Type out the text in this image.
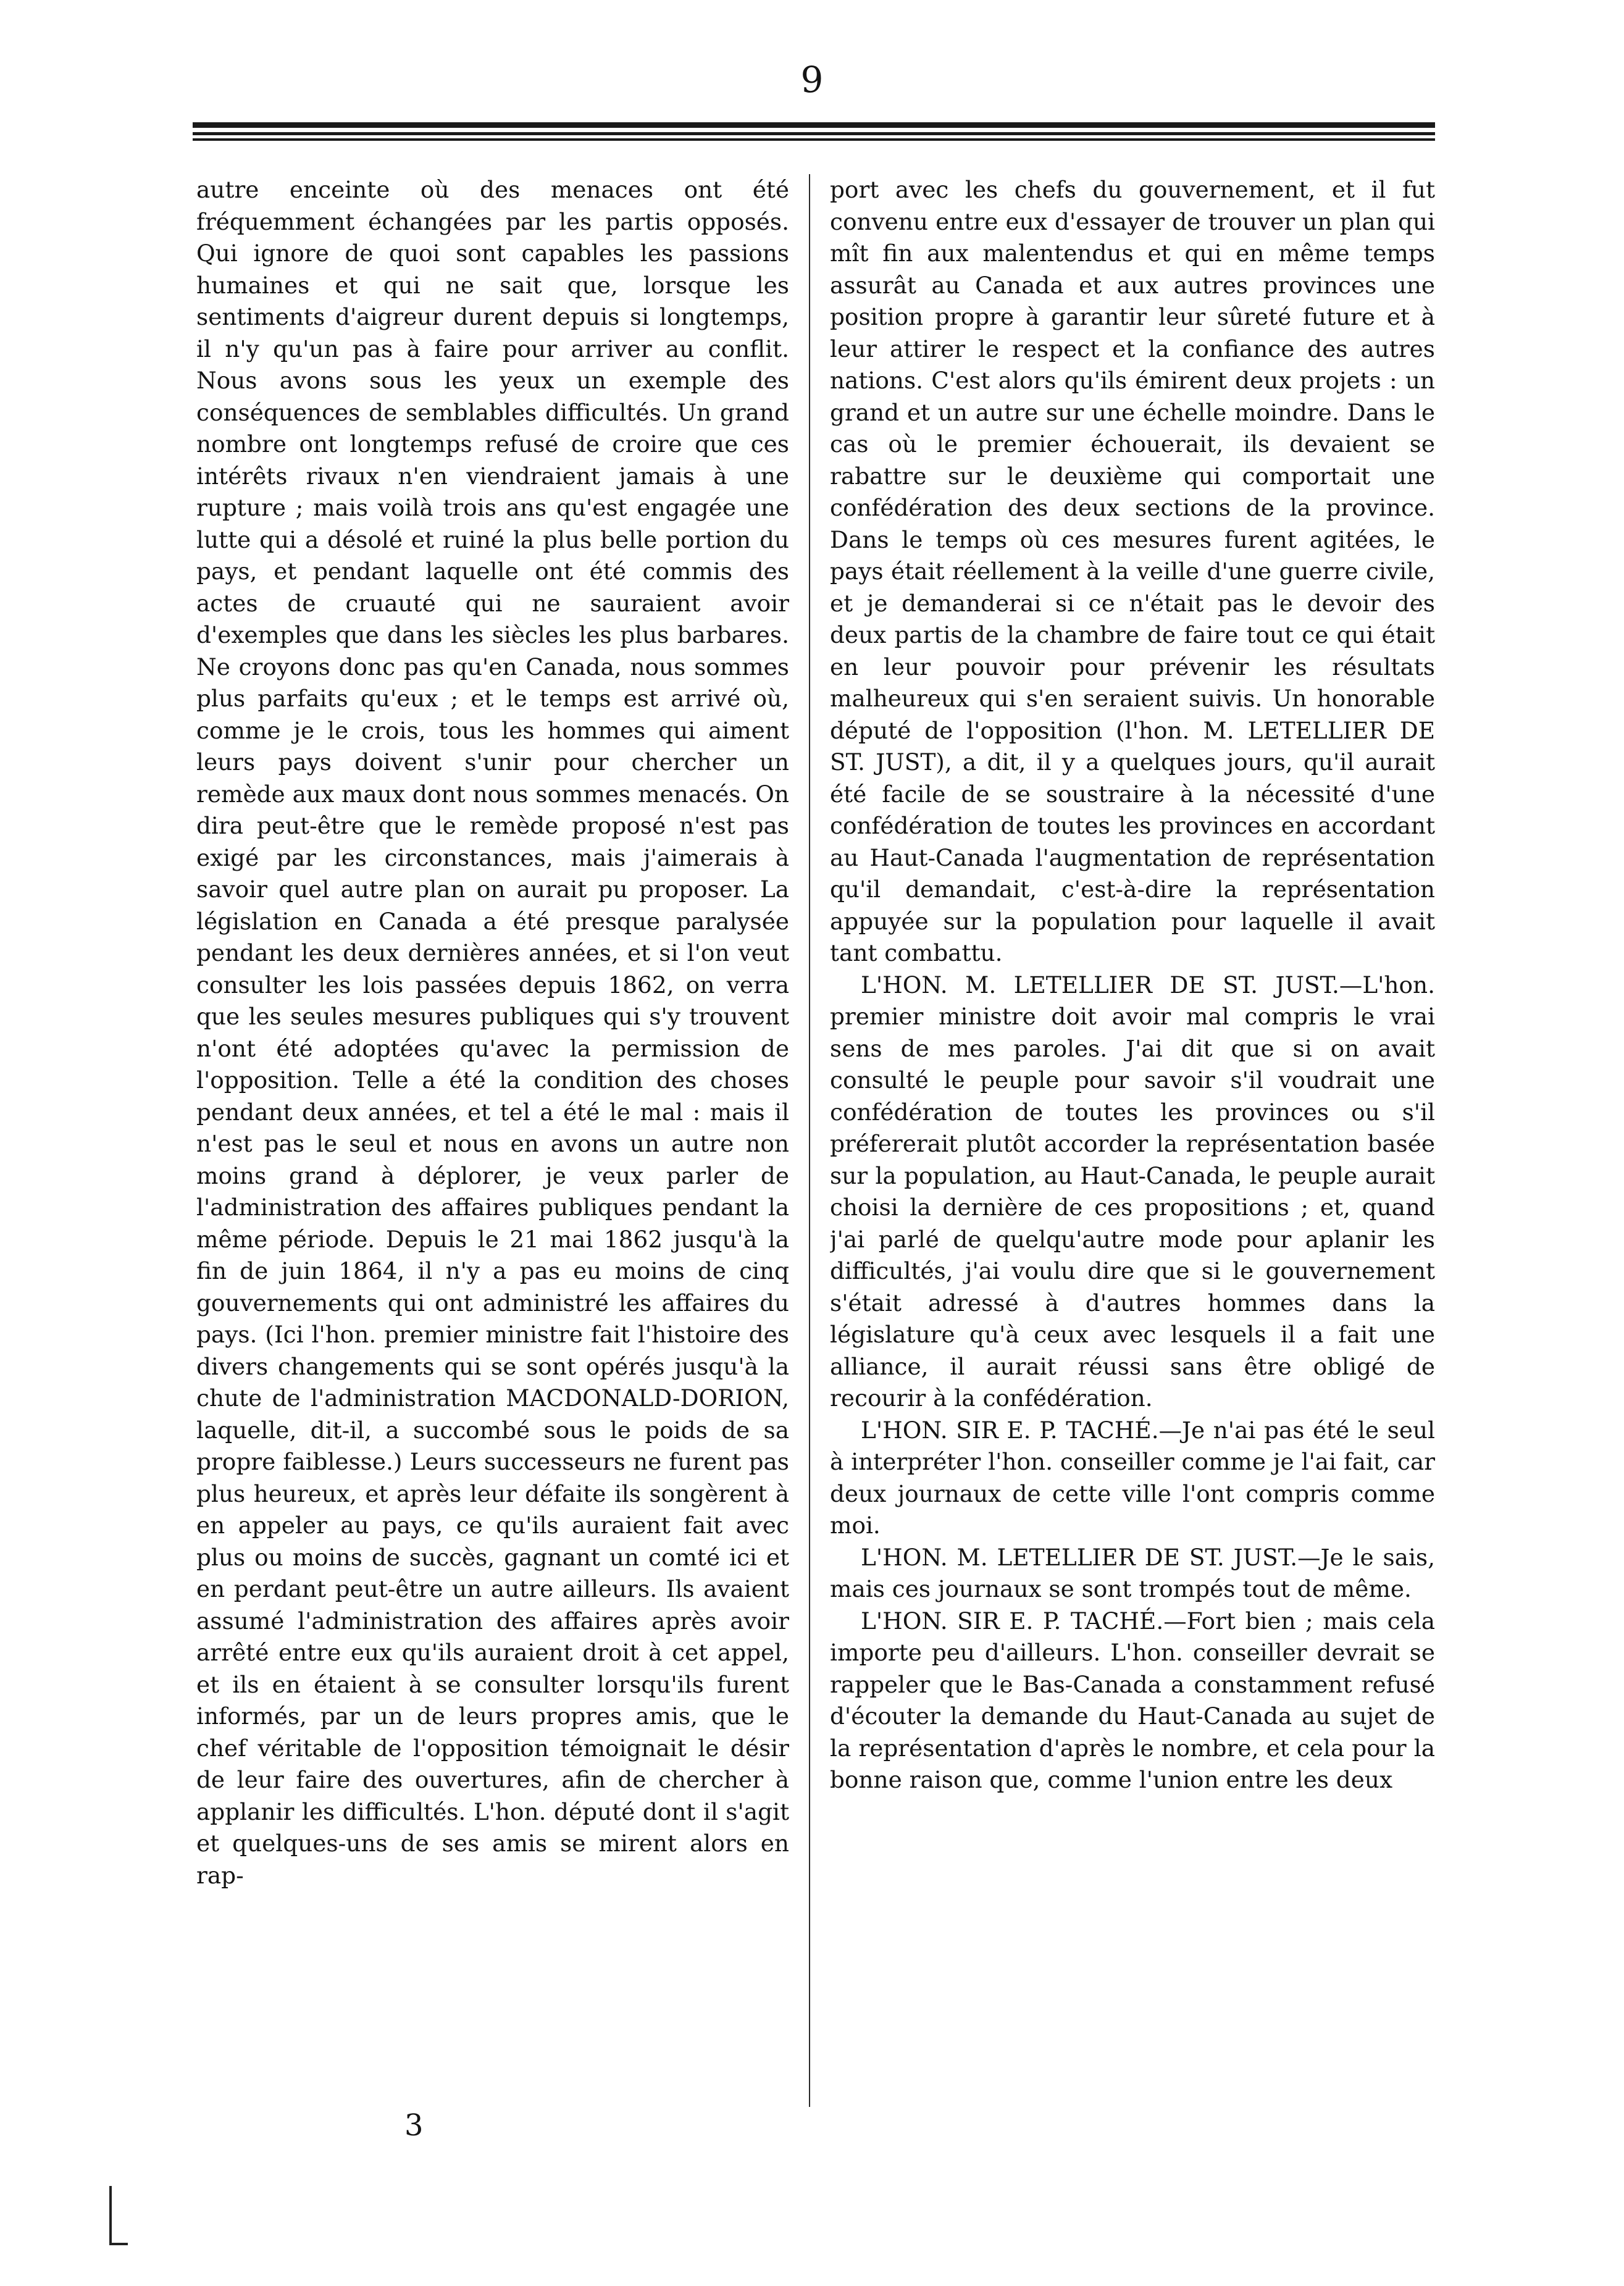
9

autre enceinte où des menaces ont été fréquemment échangées par les partis opposés. Qui ignore de quoi sont capables les passions humaines et qui ne sait que, lorsque les sentiments d'aigreur durent depuis si longtemps, il n'y qu'un pas à faire pour arriver au conflit. Nous avons sous les yeux un exemple des conséquences de semblables difficultés. Un grand nombre ont longtemps refusé de croire que ces intérêts rivaux n'en viendraient jamais à une rupture ; mais voilà trois ans qu'est engagée une lutte qui a désolé et ruiné la plus belle portion du pays, et pendant laquelle ont été commis des actes de cruauté qui ne sauraient avoir d'exemples que dans les siècles les plus barbares. Ne croyons donc pas qu'en Canada, nous sommes plus parfaits qu'eux ; et le temps est arrivé où, comme je le crois, tous les hommes qui aiment leurs pays doivent s'unir pour chercher un remède aux maux dont nous sommes menacés. On dira peut-être que le remède proposé n'est pas exigé par les circonstances, mais j'aimerais à savoir quel autre plan on aurait pu proposer. La législation en Canada a été presque paralysée pendant les deux dernières années, et si l'on veut consulter les lois passées depuis 1862, on verra que les seules mesures publiques qui s'y trouvent n'ont été adoptées qu'avec la permission de l'opposition. Telle a été la condition des choses pendant deux années, et tel a été le mal : mais il n'est pas le seul et nous en avons un autre non moins grand à déplorer, je veux parler de l'administration des affaires publiques pendant la même période. Depuis le 21 mai 1862 jusqu'à la fin de juin 1864, il n'y a pas eu moins de cinq gouvernements qui ont administré les affaires du pays. (Ici l'hon. premier ministre fait l'histoire des divers changements qui se sont opérés jusqu'à la chute de l'administration MACDONALD-DORION, laquelle, dit-il, a succombé sous le poids de sa propre faiblesse.) Leurs successeurs ne furent pas plus heureux, et après leur défaite ils songèrent à en appeler au pays, ce qu'ils auraient fait avec plus ou moins de succès, gagnant un comté ici et en perdant peut-être un autre ailleurs. Ils avaient assumé l'administration des affaires après avoir arrêté entre eux qu'ils auraient droit à cet appel, et ils en étaient à se consulter lorsqu'ils furent informés, par un de leurs propres amis, que le chef véritable de l'opposition témoignait le désir de leur faire des ouvertures, afin de chercher à applanir les difficultés. L'hon. député dont il s'agit et quelques-uns de ses amis se mirent alors en rap-

port avec les chefs du gouvernement, et il fut convenu entre eux d'essayer de trouver un plan qui mît fin aux malentendus et qui en même temps assurât au Canada et aux autres provinces une position propre à garantir leur sûreté future et à leur attirer le respect et la confiance des autres nations. C'est alors qu'ils émirent deux projets : un grand et un autre sur une échelle moindre. Dans le cas où le premier échouerait, ils devaient se rabattre sur le deuxième qui comportait une confédération des deux sections de la province. Dans le temps où ces mesures furent agitées, le pays était réellement à la veille d'une guerre civile, et je demanderai si ce n'était pas le devoir des deux partis de la chambre de faire tout ce qui était en leur pouvoir pour prévenir les résultats malheureux qui s'en seraient suivis. Un honorable député de l'opposition (l'hon. M. LETELLIER DE ST. JUST), a dit, il y a quelques jours, qu'il aurait été facile de se soustraire à la nécessité d'une confédération de toutes les provinces en accordant au Haut-Canada l'augmentation de représentation qu'il demandait, c'est-à-dire la représentation appuyée sur la population pour laquelle il avait tant combattu.

L'HON. M. LETELLIER DE ST. JUST.—L'hon. premier ministre doit avoir mal compris le vrai sens de mes paroles. J'ai dit que si on avait consulté le peuple pour savoir s'il voudrait une confédération de toutes les provinces ou s'il préfererait plutôt accorder la représentation basée sur la population, au Haut-Canada, le peuple aurait choisi la dernière de ces propositions ; et, quand j'ai parlé de quelqu'autre mode pour aplanir les difficultés, j'ai voulu dire que si le gouvernement s'était adressé à d'autres hommes dans la législature qu'à ceux avec lesquels il a fait une alliance, il aurait réussi sans être obligé de recourir à la confédération.

L'HON. SIR E. P. TACHÉ.—Je n'ai pas été le seul à interpréter l'hon. conseiller comme je l'ai fait, car deux journaux de cette ville l'ont compris comme moi.

L'HON. M. LETELLIER DE ST. JUST.—Je le sais, mais ces journaux se sont trompés tout de même.

L'HON. SIR E. P. TACHÉ.—Fort bien ; mais cela importe peu d'ailleurs. L'hon. conseiller devrait se rappeler que le Bas-Canada a constamment refusé d'écouter la demande du Haut-Canada au sujet de la représentation d'après le nombre, et cela pour la bonne raison que, comme l'union entre les deux

3
